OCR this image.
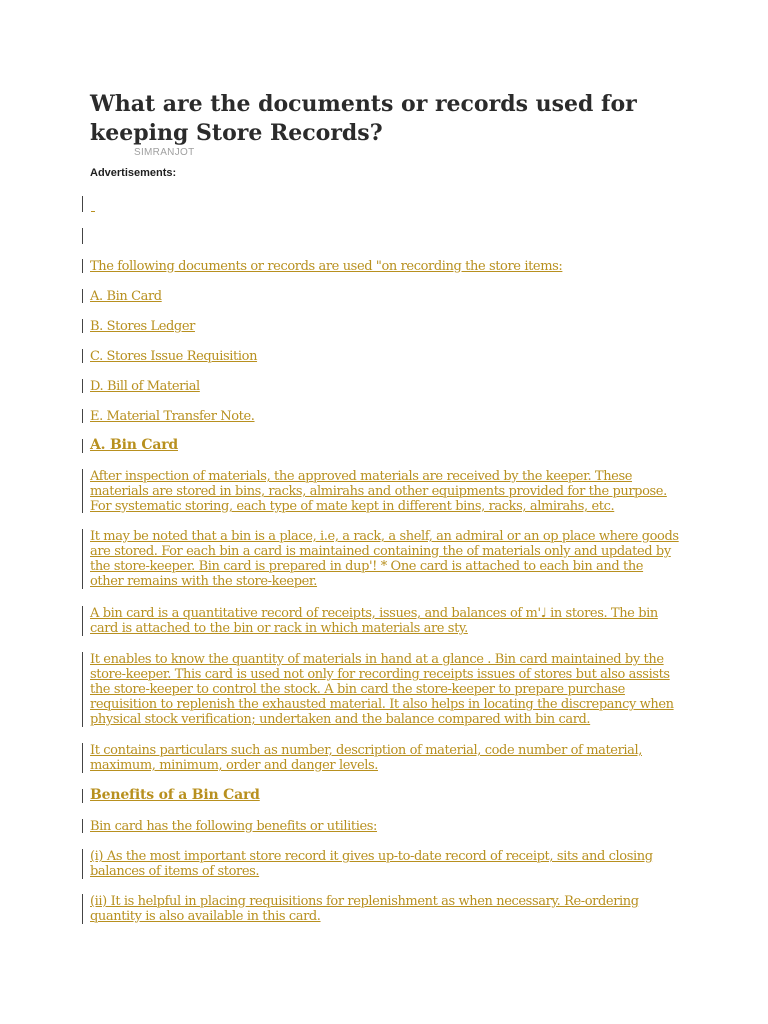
What are the documents or records used for keeping Store Records?
SIMRANJOT
Advertisements:

The following documents or records are used "on recording the store items:

A. Bin Card

B. Stores Ledger

C. Stores Issue Requisition

D. Bill of Material

E. Material Transfer Note.

A. Bin Card

After inspection of materials, the approved materials are received by the keeper. These materials are stored in bins, racks, almirahs and other equipments provided for the purpose. For systematic storing, each type of mate kept in different bins, racks, almirahs, etc.

It may be noted that a bin is a place, i.e, a rack, a shelf, an admiral or an op place where goods are stored. For each bin a card is maintained containing the of materials only and updated by the store-keeper. Bin card is prepared in dup'! * One card is attached to each bin and the other remains with the store-keeper.

A bin card is a quantitative record of receipts, issues, and balances of m'♩ in stores. The bin card is attached to the bin or rack in which materials are sty.

It enables to know the quantity of materials in hand at a glance . Bin card maintained by the store-keeper. This card is used not only for recording receipts issues of stores but also assists the store-keeper to control the stock. A bin card the store-keeper to prepare purchase requisition to replenish the exhausted material. It also helps in locating the discrepancy when physical stock verification; undertaken and the balance compared with bin card.

It contains particulars such as number, description of material, code number of material, maximum, minimum, order and danger levels.

Benefits of a Bin Card

Bin card has the following benefits or utilities:

(i) As the most important store record it gives up-to-date record of receipt, sits and closing balances of items of stores.

(ii) It is helpful in placing requisitions for replenishment as when necessary. Re-ordering quantity is also available in this card.
